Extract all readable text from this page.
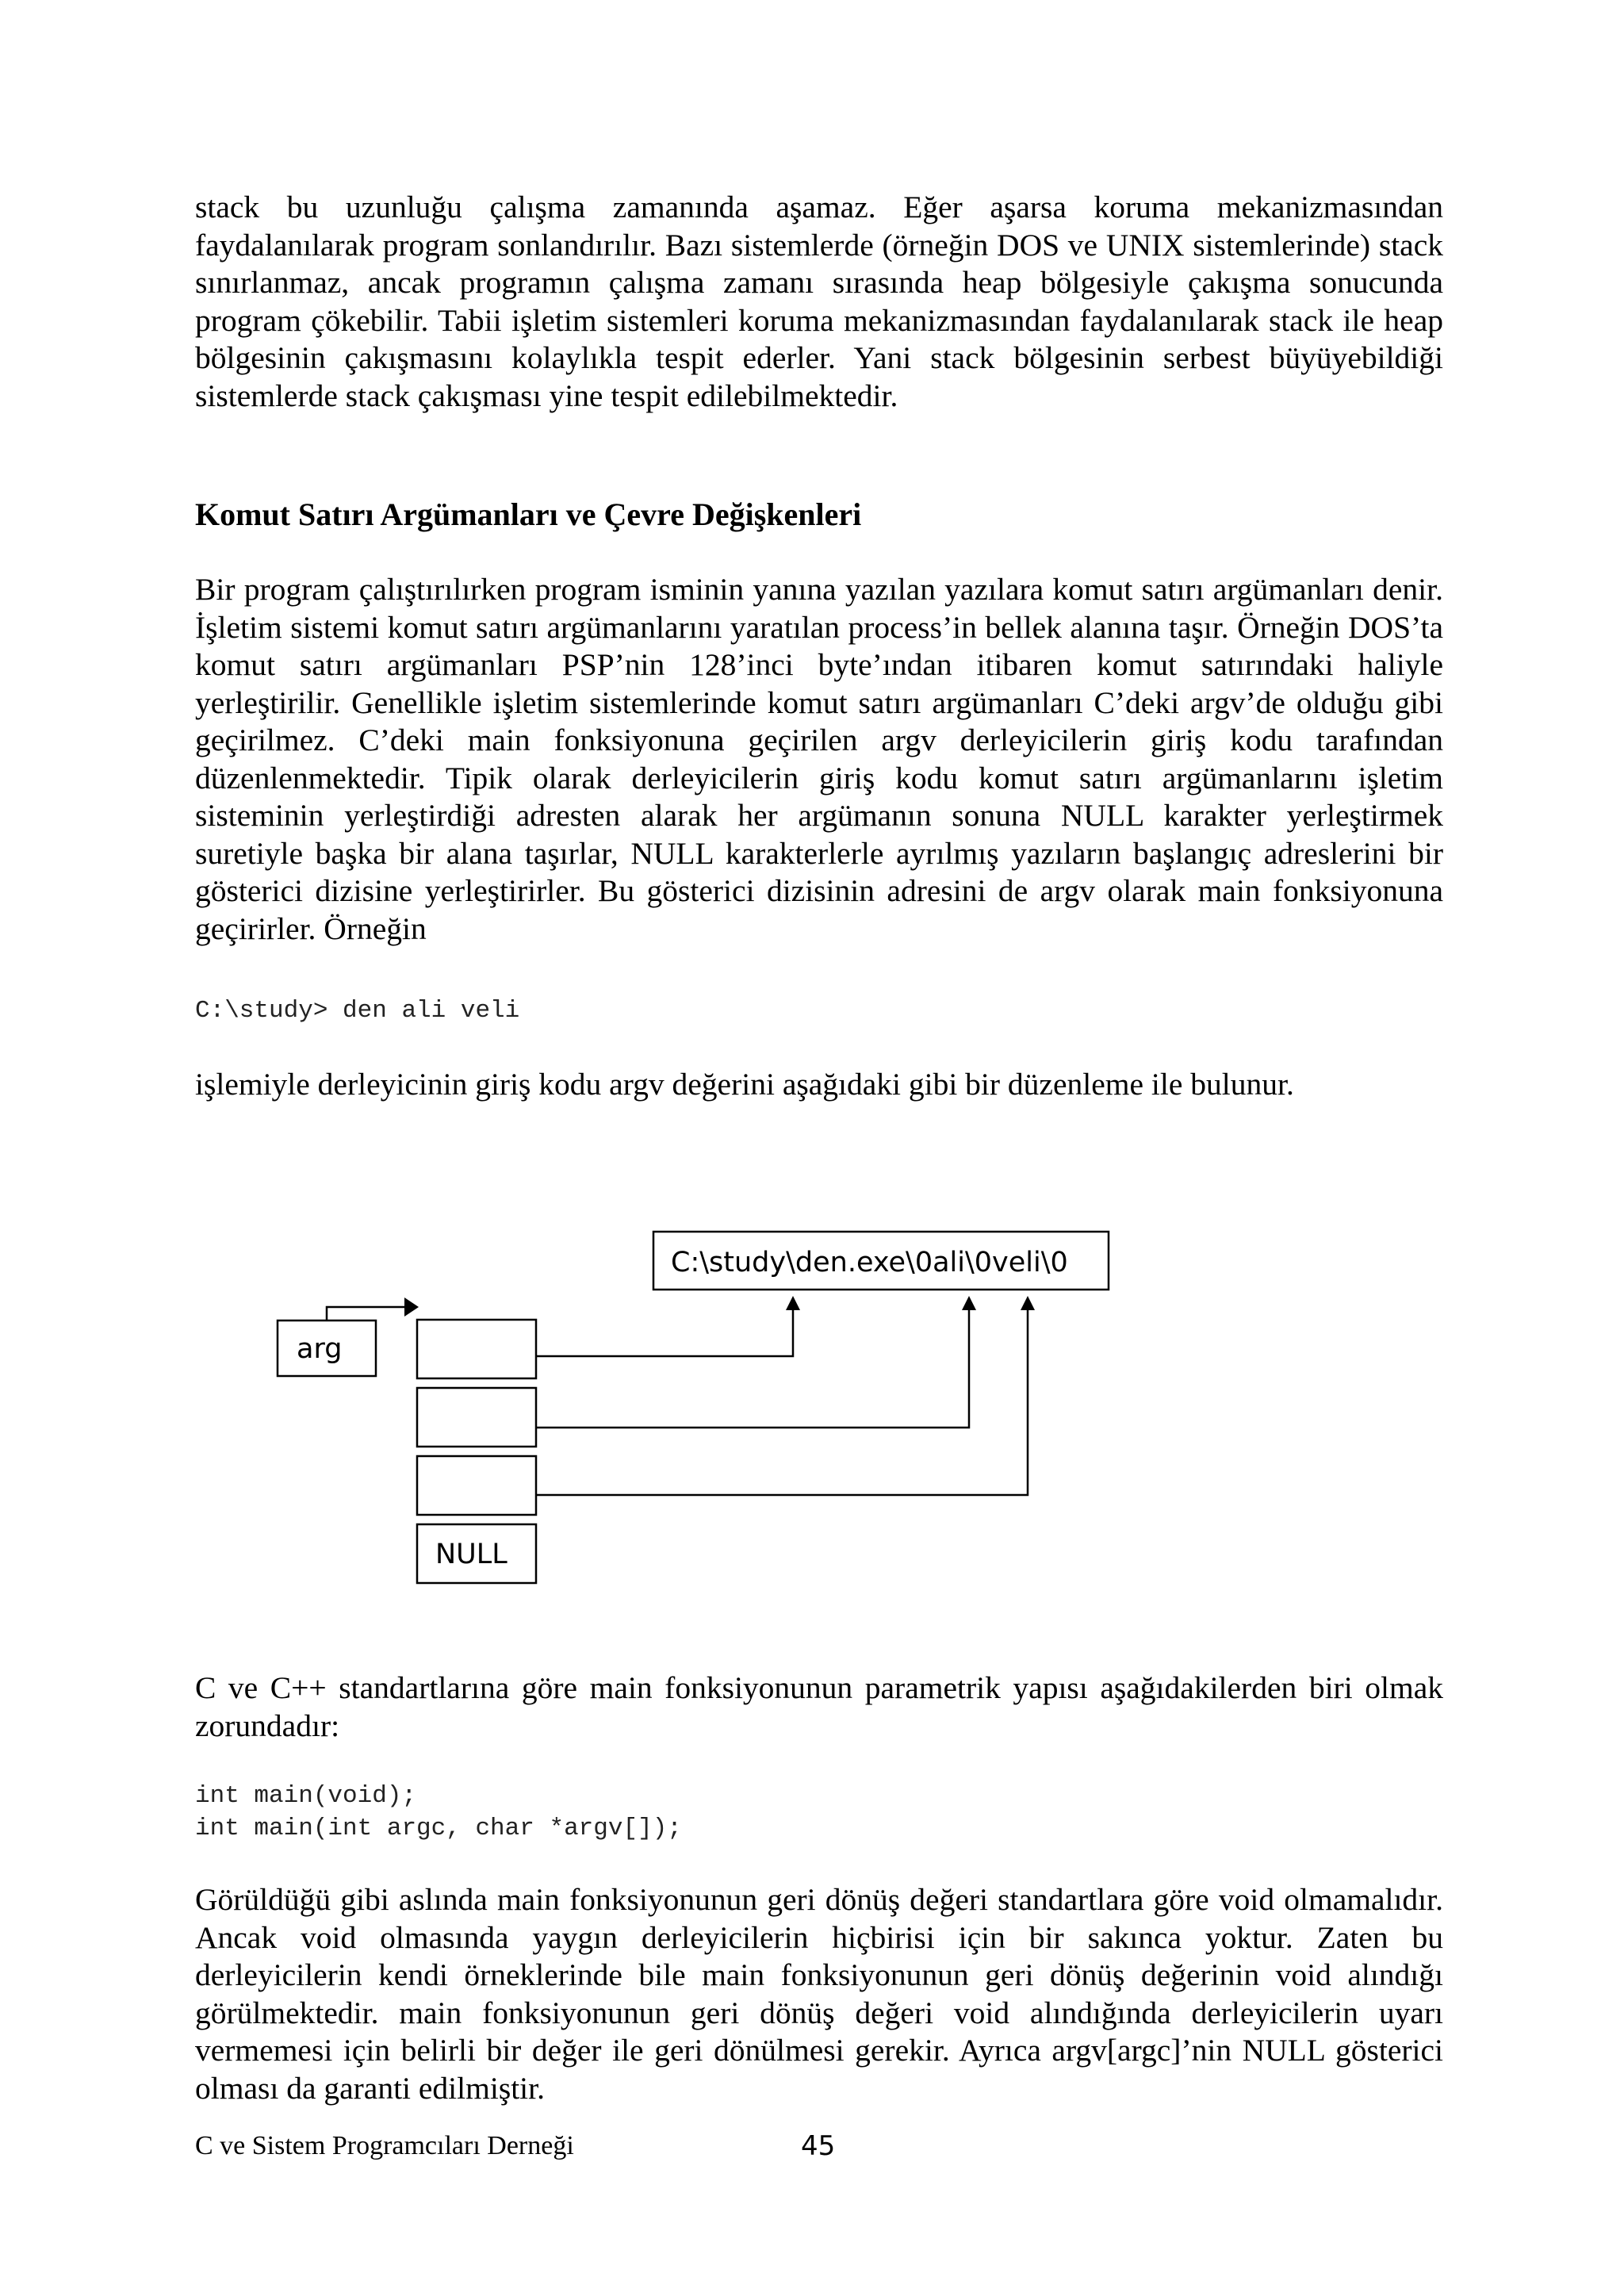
stack bu uzunluğu çalışma zamanında aşamaz. Eğer aşarsa koruma mekanizmasından faydalanılarak program sonlandırılır. Bazı sistemlerde (örneğin DOS ve UNIX sistemlerinde) stack sınırlanmaz, ancak programın çalışma zamanı sırasında heap bölgesiyle çakışma sonucunda program çökebilir. Tabii işletim sistemleri koruma mekanizmasından faydalanılarak stack ile heap bölgesinin çakışmasını kolaylıkla tespit ederler. Yani stack bölgesinin serbest büyüyebildiği sistemlerde stack çakışması yine tespit edilebilmektedir.

Komut Satırı Argümanları ve Çevre Değişkenleri

Bir program çalıştırılırken program isminin yanına yazılan yazılara komut satırı argümanları denir. İşletim sistemi komut satırı argümanlarını yaratılan process’in bellek alanına taşır. Örneğin DOS’ta komut satırı argümanları PSP’nin 128’inci byte’ından itibaren komut satırındaki haliyle yerleştirilir. Genellikle işletim sistemlerinde komut satırı argümanları C’deki argv’de olduğu gibi geçirilmez. C’deki main fonksiyonuna geçirilen argv derleyicilerin giriş kodu tarafından düzenlenmektedir. Tipik olarak derleyicilerin giriş kodu komut satırı argümanlarını işletim sisteminin yerleştirdiği adresten alarak her argümanın sonuna NULL karakter yerleştirmek suretiyle başka bir alana taşırlar, NULL karakterlerle ayrılmış yazıların başlangıç adreslerini bir gösterici dizisine yerleştirirler. Bu gösterici dizisinin adresini de argv olarak main fonksiyonuna geçirirler. Örneğin

C:\study> den ali veli

işlemiyle derleyicinin giriş kodu argv değerini aşağıdaki gibi bir düzenleme ile bulunur.

C:\study\den.exe\0ali\0veli\0
arg
NULL

C ve C++ standartlarına göre main fonksiyonunun parametrik yapısı aşağıdakilerden biri olmak zorundadır:

int main(void);
int main(int argc, char *argv[]);

Görüldüğü gibi aslında main fonksiyonunun geri dönüş değeri standartlara göre void olmamalıdır. Ancak void olmasında yaygın derleyicilerin hiçbirisi için bir sakınca yoktur. Zaten bu derleyicilerin kendi örneklerinde bile main fonksiyonunun geri dönüş değerinin void alındığı görülmektedir. main fonksiyonunun geri dönüş değeri void alındığında derleyicilerin uyarı vermemesi için belirli bir değer ile geri dönülmesi gerekir. Ayrıca argv[argc]’nin NULL gösterici olması da garanti edilmiştir.

C ve Sistem Programcıları Derneği	45
